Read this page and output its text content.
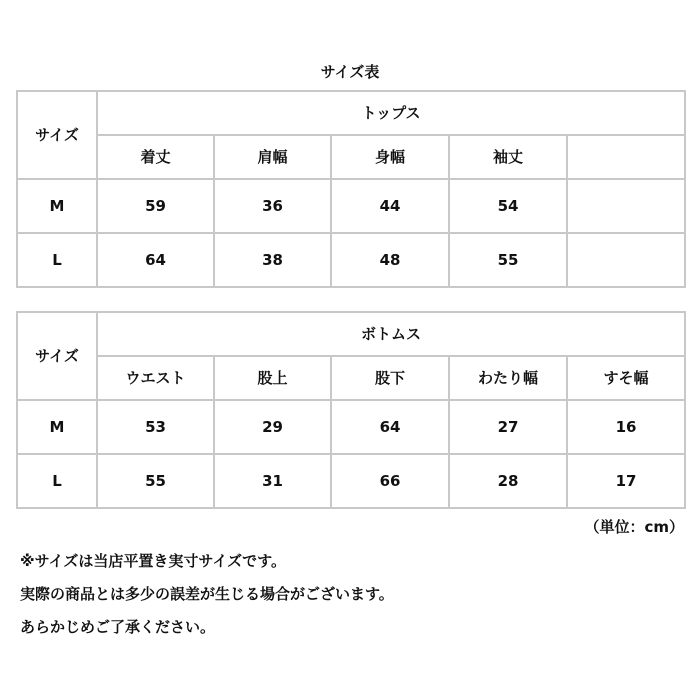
サイズ表
サイズ	トップス				
	着丈	肩幅	身幅	袖丈	
M	59	36	44	54	
L	64	38	48	55	
サイズ	ボトムス				
	ウエスト	股上	股下	わたり幅	すそ幅
M	53	29	64	27	16
L	55	31	66	28	17
（単位：cm）
※サイズは当店平置き実寸サイズです。
実際の商品とは多少の誤差が生じる場合がございます。
あらかじめご了承ください。
